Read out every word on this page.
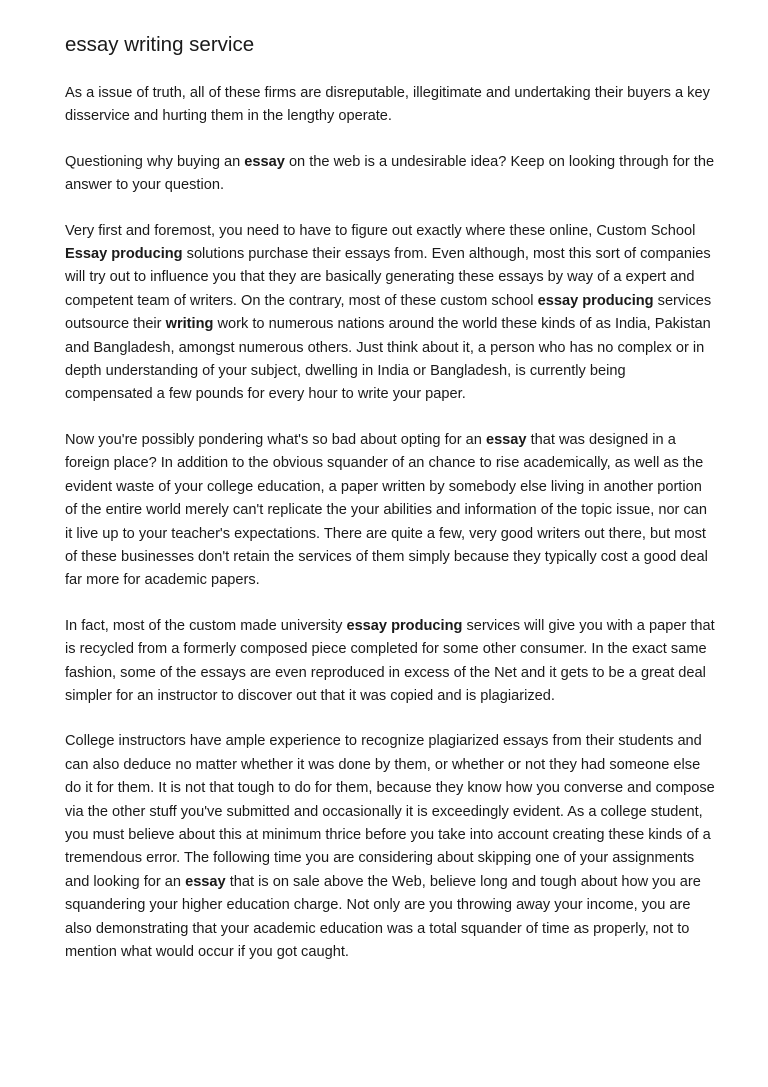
essay writing service

As a issue of truth, all of these firms are disreputable, illegitimate and undertaking their buyers a key disservice and hurting them in the lengthy operate.

Questioning why buying an essay on the web is a undesirable idea? Keep on looking through for the answer to your question.

Very first and foremost, you need to have to figure out exactly where these online, Custom School Essay producing solutions purchase their essays from. Even although, most this sort of companies will try out to influence you that they are basically generating these essays by way of a expert and competent team of writers. On the contrary, most of these custom school essay producing services outsource their writing work to numerous nations around the world these kinds of as India, Pakistan and Bangladesh, amongst numerous others. Just think about it, a person who has no complex or in depth understanding of your subject, dwelling in India or Bangladesh, is currently being compensated a few pounds for every hour to write your paper.

Now you're possibly pondering what's so bad about opting for an essay that was designed in a foreign place? In addition to the obvious squander of an chance to rise academically, as well as the evident waste of your college education, a paper written by somebody else living in another portion of the entire world merely can't replicate the your abilities and information of the topic issue, nor can it live up to your teacher's expectations. There are quite a few, very good writers out there, but most of these businesses don't retain the services of them simply because they typically cost a good deal far more for academic papers.

In fact, most of the custom made university essay producing services will give you with a paper that is recycled from a formerly composed piece completed for some other consumer. In the exact same fashion, some of the essays are even reproduced in excess of the Net and it gets to be a great deal simpler for an instructor to discover out that it was copied and is plagiarized.

College instructors have ample experience to recognize plagiarized essays from their students and can also deduce no matter whether it was done by them, or whether or not they had someone else do it for them. It is not that tough to do for them, because they know how you converse and compose via the other stuff you've submitted and occasionally it is exceedingly evident. As a college student, you must believe about this at minimum thrice before you take into account creating these kinds of a tremendous error. The following time you are considering about skipping one of your assignments and looking for an essay that is on sale above the Web, believe long and tough about how you are squandering your higher education charge. Not only are you throwing away your income, you are also demonstrating that your academic education was a total squander of time as properly, not to mention what would occur if you got caught.
